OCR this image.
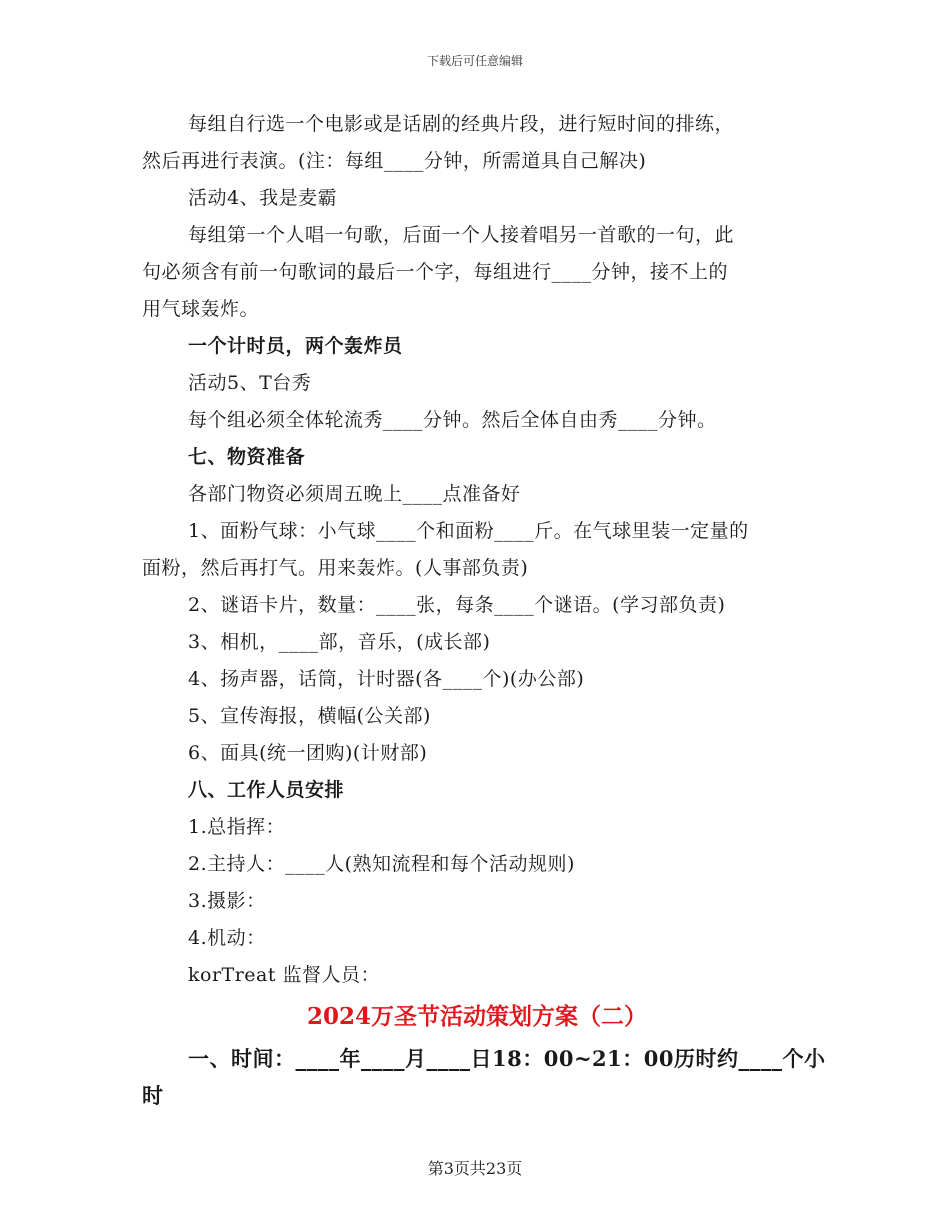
下载后可任意编辑
每组自行选一个电影或是话剧的经典片段，进行短时间的排练，
然后再进行表演。(注：每组____分钟，所需道具自己解决)
活动4、我是麦霸
每组第一个人唱一句歌，后面一个人接着唱另一首歌的一句，此
句必须含有前一句歌词的最后一个字，每组进行____分钟，接不上的
用气球轰炸。
一个计时员，两个轰炸员
活动5、T台秀
每个组必须全体轮流秀____分钟。然后全体自由秀____分钟。
七、物资准备
各部门物资必须周五晚上____点准备好
1、面粉气球：小气球____个和面粉____斤。在气球里装一定量的
面粉，然后再打气。用来轰炸。(人事部负责)
2、谜语卡片，数量：____张，每条____个谜语。(学习部负责)
3、相机，____部，音乐，(成长部)
4、扬声器，话筒，计时器(各____个)(办公部)
5、宣传海报，横幅(公关部)
6、面具(统一团购)(计财部)
八、工作人员安排
1.总指挥：
2.主持人：____人(熟知流程和每个活动规则)
3.摄影：
4.机动：
korTreat 监督人员：
2024万圣节活动策划方案（二）
一、时间：____年____月____日18：00~21：00历时约____个小
时
第3页共23页
